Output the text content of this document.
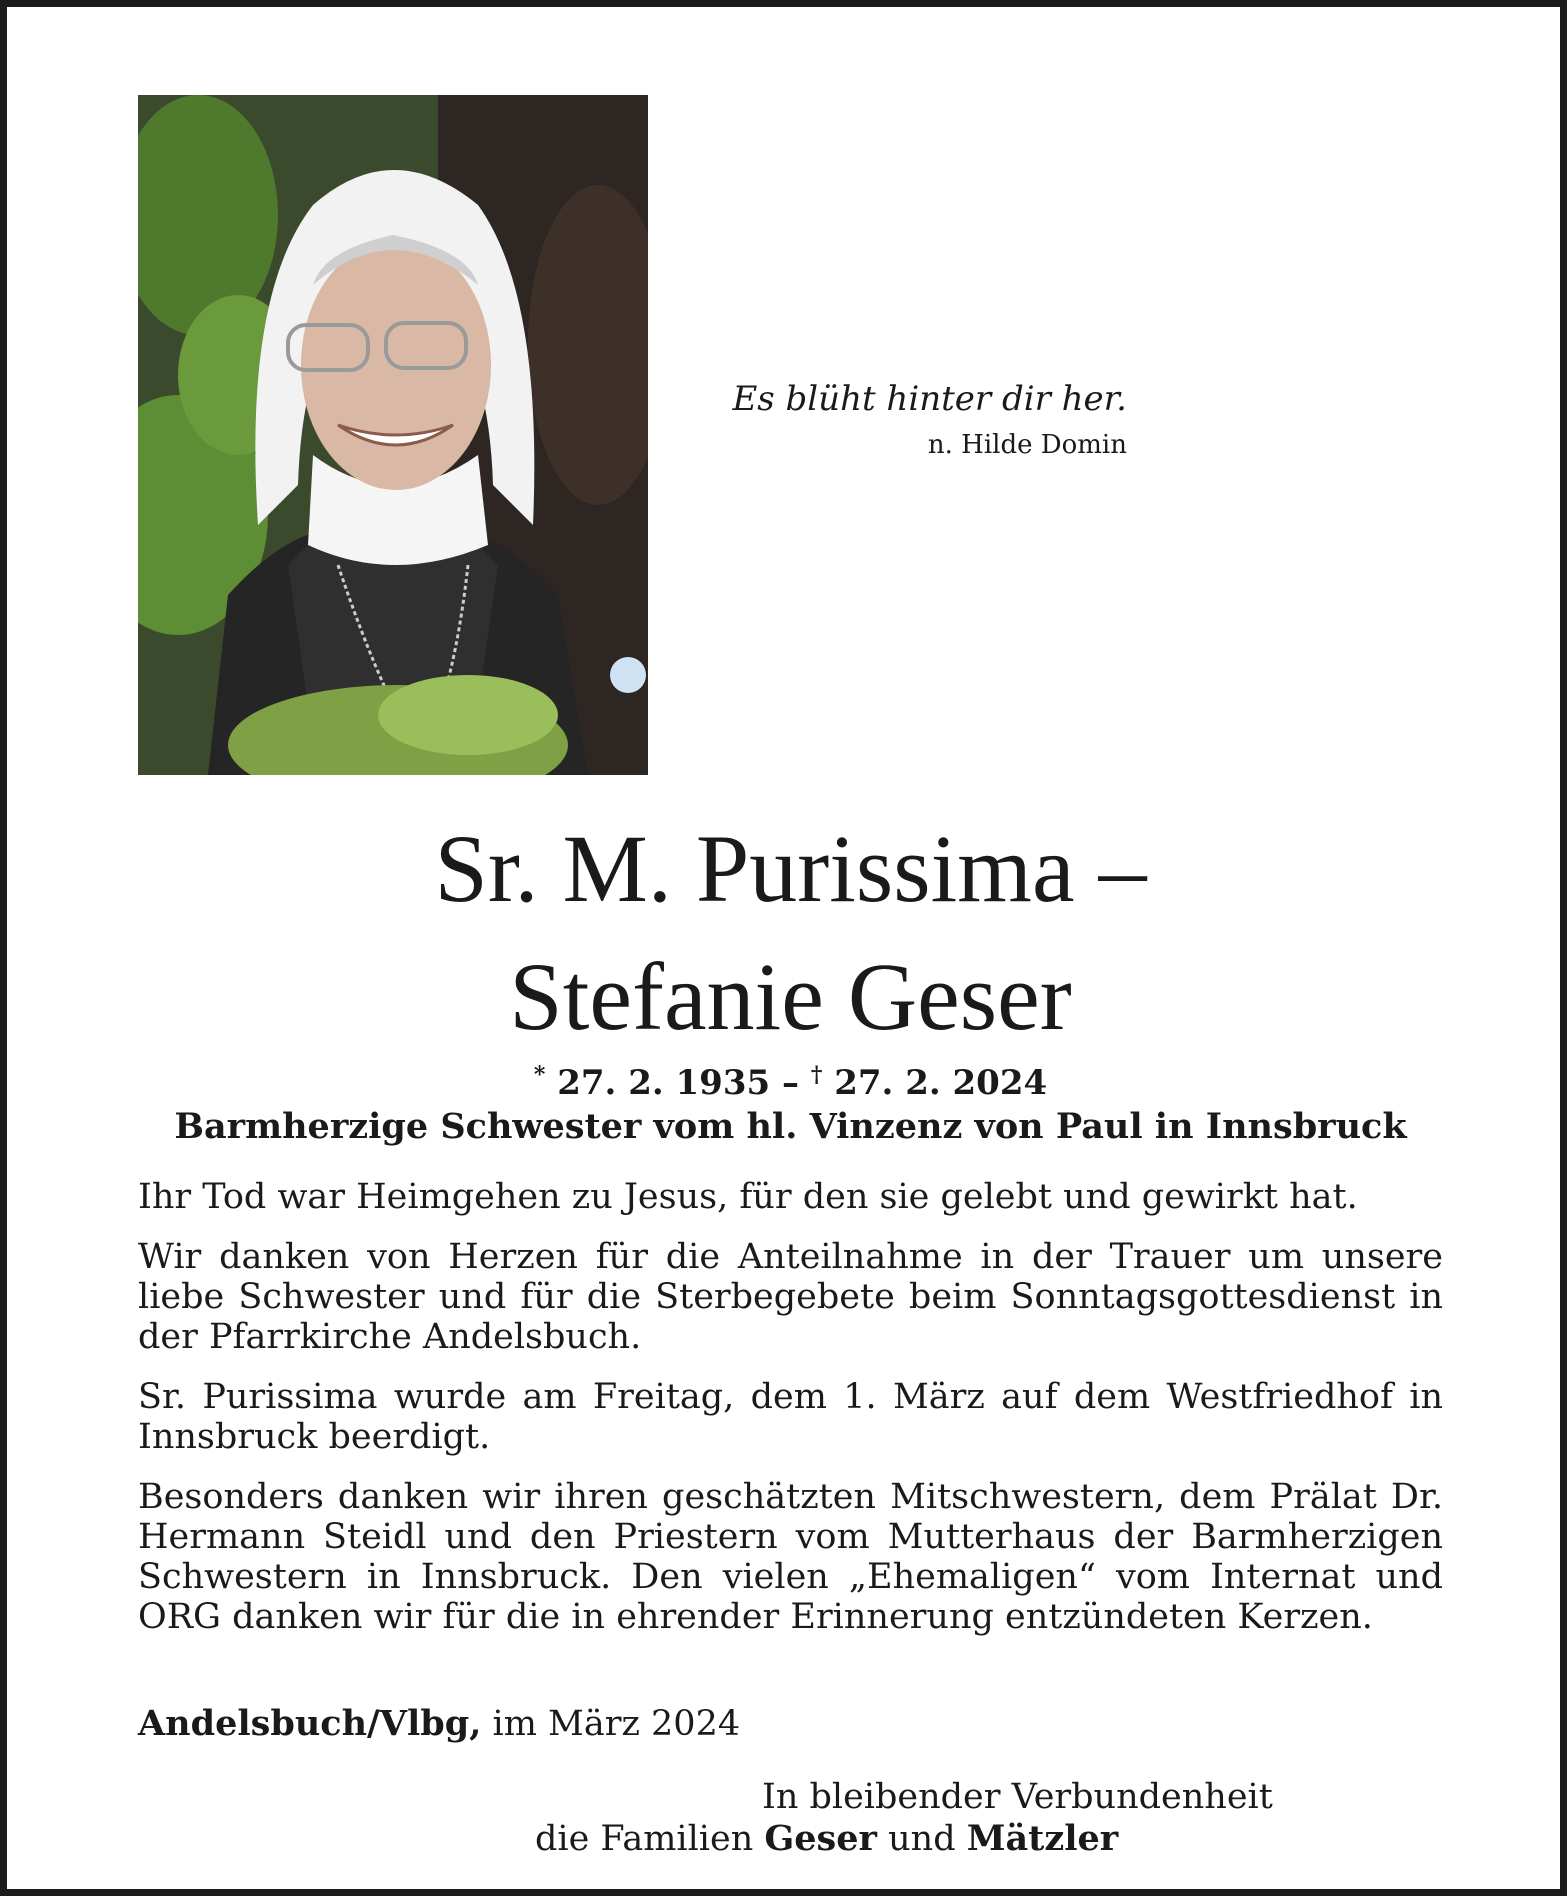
Es blüht hinter dir her.
n. Hilde Domin
Sr. M. Purissima –
Stefanie Geser
* 27. 2. 1935 – † 27. 2. 2024
Barmherzige Schwester vom hl. Vinzenz von Paul in Innsbruck

Ihr Tod war Heimgehen zu Jesus, für den sie gelebt und gewirkt hat.

Wir danken von Herzen für die Anteilnahme in der Trauer um unsere liebe Schwester und für die Sterbegebete beim Sonntagsgottesdienst in der Pfarrkirche Andelsbuch.

Sr. Purissima wurde am Freitag, dem 1. März auf dem Westfriedhof in Innsbruck beerdigt.

Besonders danken wir ihren geschätzten Mitschwestern, dem Prälat Dr. Hermann Steidl und den Priestern vom Mutterhaus der Barmherzigen Schwestern in Innsbruck. Den vielen „Ehemaligen“ vom Internat und ORG danken wir für die in ehrender Erinnerung entzündeten Kerzen.

Andelsbuch/Vlbg, im März 2024
In bleibender Verbundenheit
die Familien Geser und Mätzler
